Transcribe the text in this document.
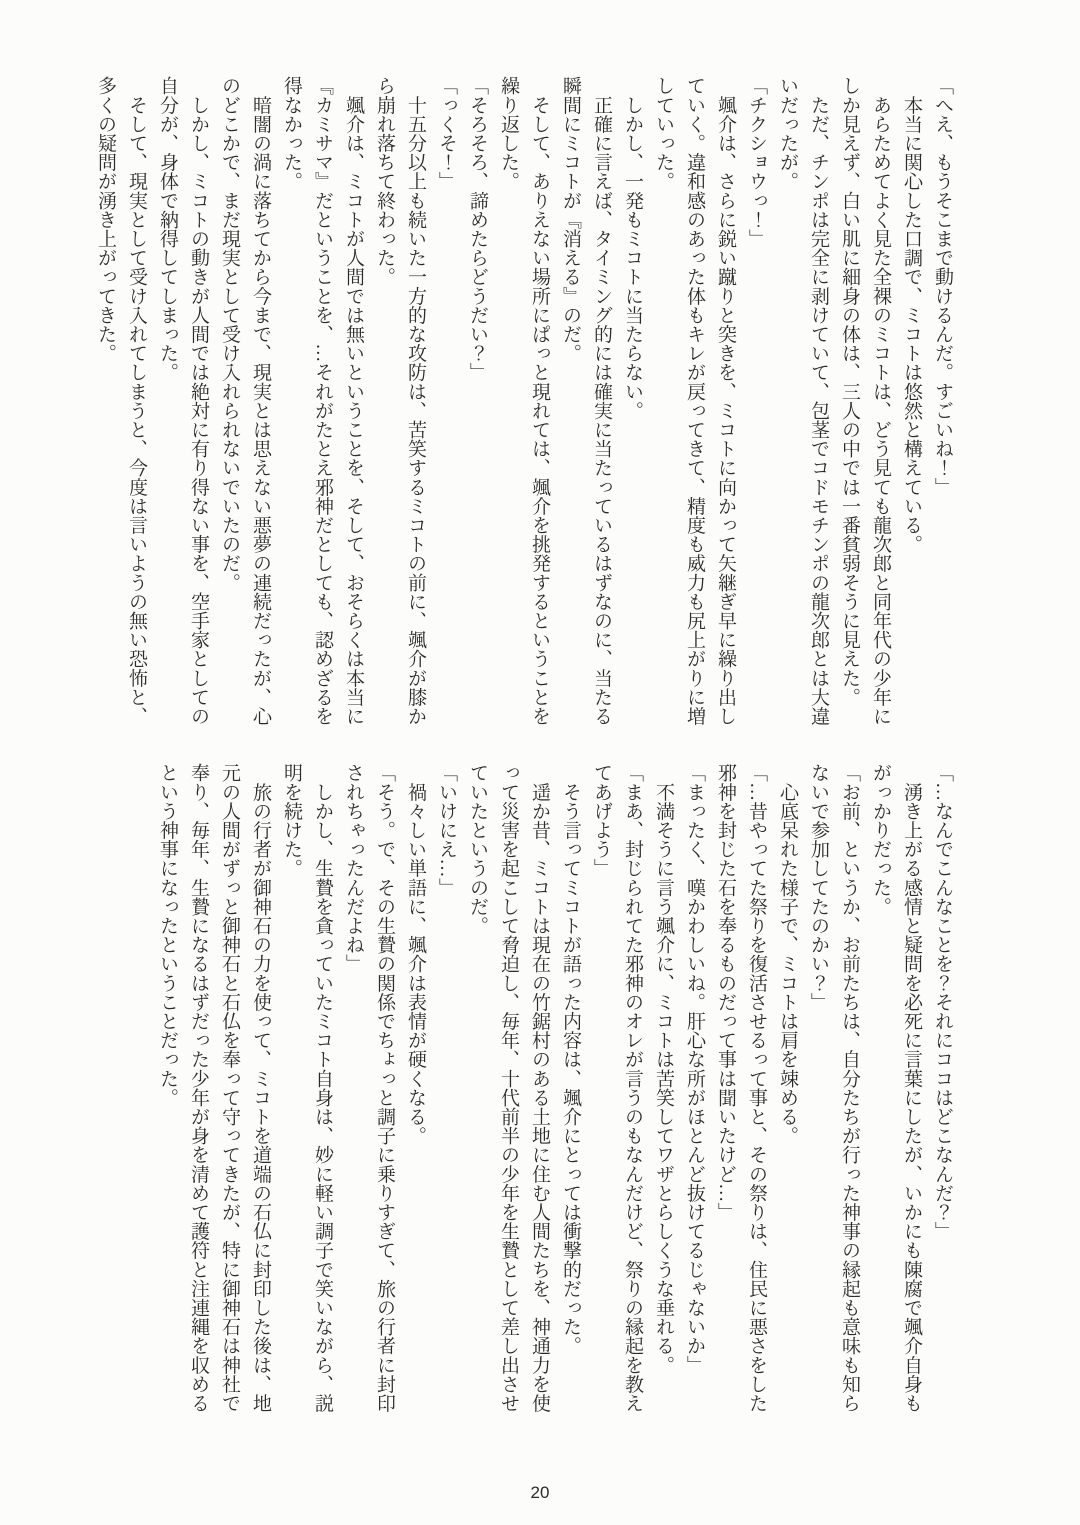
「へえ、もうそこまで動けるんだ。すごいね！」
　本当に関心した口調で、ミコトは悠然と構えている。
　あらためてよく見た全裸のミコトは、どう見ても龍次郎と同年代の少年に
しか見えず、白い肌に細身の体は、三人の中では一番貧弱そうに見えた。
　ただ、チンポは完全に剥けていて、包茎でコドモチンポの龍次郎とは大違
いだったが。
「チクショウっ！」
　颯介は、さらに鋭い蹴りと突きを、ミコトに向かって矢継ぎ早に繰り出し
ていく。違和感のあった体もキレが戻ってきて、精度も威力も尻上がりに増
していった。
　しかし、一発もミコトに当たらない。
　正確に言えば、タイミング的には確実に当たっているはずなのに、当たる
瞬間にミコトが『消える』のだ。
　そして、ありえない場所にぱっと現れては、颯介を挑発するということを
繰り返した。
「そろそろ、諦めたらどうだい？」
「っくそ！」
　十五分以上も続いた一方的な攻防は、苦笑するミコトの前に、颯介が膝か
ら崩れ落ちて終わった。
　颯介は、ミコトが人間では無いということを、そして、おそらくは本当に
『カミサマ』だということを、…それがたとえ邪神だとしても、認めざるを
得なかった。
　暗闇の渦に落ちてから今まで、現実とは思えない悪夢の連続だったが、心
のどこかで、まだ現実として受け入れられないでいたのだ。
　しかし、ミコトの動きが人間では絶対に有り得ない事を、空手家としての
自分が、身体で納得してしまった。
　そして、現実として受け入れてしまうと、今度は言いようの無い恐怖と、
多くの疑問が湧き上がってきた。
「…なんでこんなことを？それにココはどこなんだ？」
　湧き上がる感情と疑問を必死に言葉にしたが、いかにも陳腐で颯介自身も
がっかりだった。
「お前、というか、お前たちは、自分たちが行った神事の縁起も意味も知ら
ないで参加してたのかい？」
　心底呆れた様子で、ミコトは肩を竦める。
「…昔やってた祭りを復活させるって事と、その祭りは、住民に悪さをした
邪神を封じた石を奉るものだって事は聞いたけど…」
「まったく、嘆かわしいね。肝心な所がほとんど抜けてるじゃないか」
　不満そうに言う颯介に、ミコトは苦笑してワザとらしくうな垂れる。
「まあ、封じられてた邪神のオレが言うのもなんだけど、祭りの縁起を教え
てあげよう」
　そう言ってミコトが語った内容は、颯介にとっては衝撃的だった。
　遥か昔、ミコトは現在の竹鋸村のある土地に住む人間たちを、神通力を使
って災害を起こして脅迫し、毎年、十代前半の少年を生贄として差し出させ
ていたというのだ。
「いけにえ…」
　禍々しい単語に、颯介は表情が硬くなる。
「そう。で、その生贄の関係でちょっと調子に乗りすぎて、旅の行者に封印
されちゃったんだよね」
　しかし、生贄を貪っていたミコト自身は、妙に軽い調子で笑いながら、説
明を続けた。
　旅の行者が御神石の力を使って、ミコトを道端の石仏に封印した後は、地
元の人間がずっと御神石と石仏を奉って守ってきたが、特に御神石は神社で
奉り、毎年、生贄になるはずだった少年が身を清めて護符と注連縄を収める
という神事になったということだった。
20
